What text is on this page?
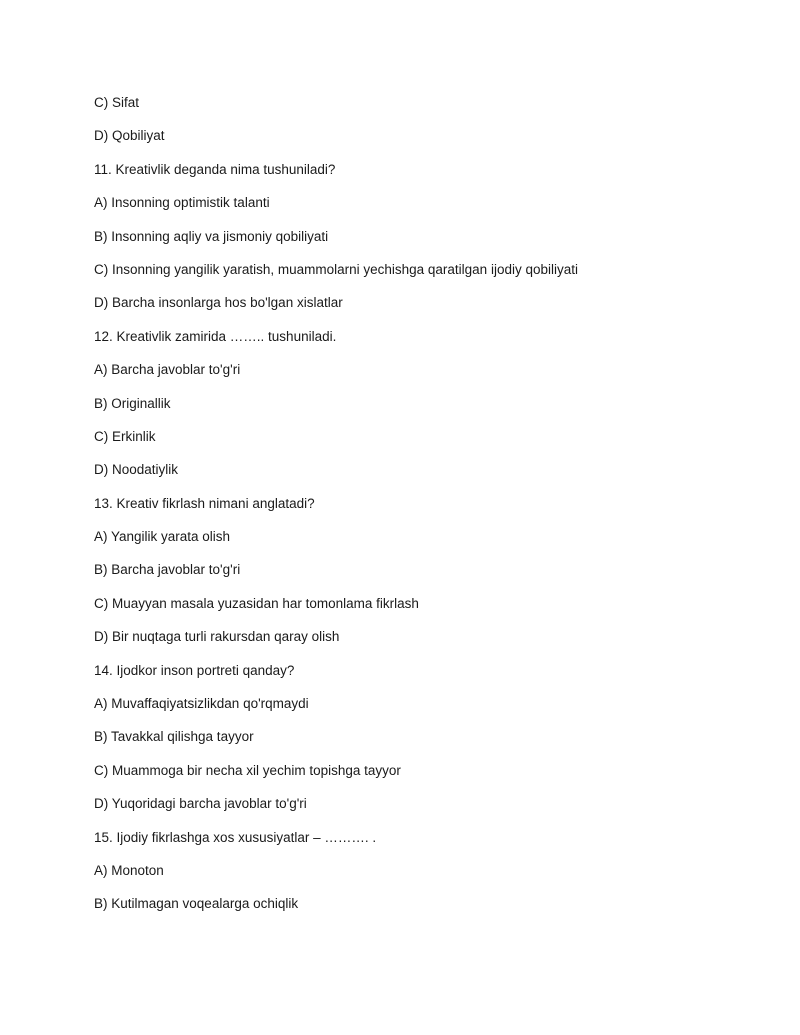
C) Sifat
D) Qobiliyat
11. Kreativlik deganda nima tushuniladi?
A) Insonning optimistik talanti
B) Insonning aqliy va jismoniy qobiliyati
C) Insonning yangilik yaratish, muammolarni yechishga qaratilgan ijodiy qobiliyati
D) Barcha insonlarga hos bo'lgan xislatlar
12. Kreativlik zamirida …….. tushuniladi.
A) Barcha javoblar to'g'ri
B) Originallik
C) Erkinlik
D) Noodatiylik
13. Kreativ fikrlash nimani anglatadi?
A) Yangilik yarata olish
B) Barcha javoblar to'g'ri
C) Muayyan masala yuzasidan har tomonlama fikrlash
D) Bir nuqtaga turli rakursdan qaray olish
14. Ijodkor inson portreti qanday?
A) Muvaffaqiyatsizlikdan qo'rqmaydi
B) Tavakkal qilishga tayyor
C) Muammoga bir necha xil yechim topishga tayyor
D) Yuqoridagi barcha javoblar to'g'ri
15. Ijodiy fikrlashga xos xususiyatlar – ………. .
A) Monoton
B) Kutilmagan voqealarga ochiqlik
